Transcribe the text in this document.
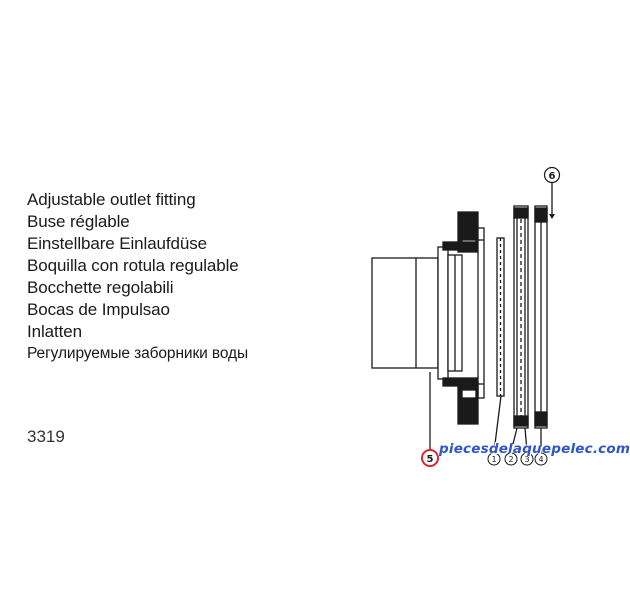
Adjustable outlet fitting
Buse réglable
Einstellbare Einlaufdüse
Boquilla con rotula regulable
Bocchette regolabili
Bocas de Impulsao
Inlatten
Регулируемые заборники воды
3319
6
5	1 2 3 4
piecesdelaquepelec.com
